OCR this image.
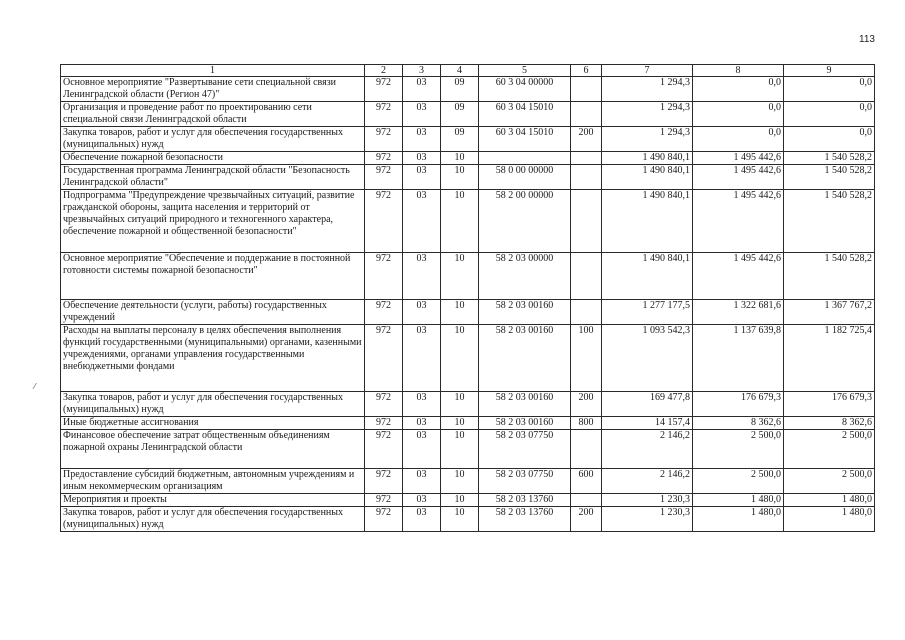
113
⁄
1	2	3	4	5	6	7	8	9
Основное мероприятие "Развертывание сети специальной связи Ленинградской области (Регион 47)"	972	03	09	60 3 04 00000		1 294,3	0,0	0,0
Организация и проведение работ по проектированию сети специальной связи Ленинградской области	972	03	09	60 3 04 15010		1 294,3	0,0	0,0
Закупка товаров, работ и услуг для обеспечения государственных (муниципальных) нужд	972	03	09	60 3 04 15010	200	1 294,3	0,0	0,0
Обеспечение пожарной безопасности	972	03	10			1 490 840,1	1 495 442,6	1 540 528,2
Государственная программа Ленинградской области "Безопасность Ленинградской области"	972	03	10	58 0 00 00000		1 490 840,1	1 495 442,6	1 540 528,2
Подпрограмма "Предупреждение чрезвычайных ситуаций, развитие гражданской обороны, защита населения и территорий от чрезвычайных ситуаций природного и техногенного характера, обеспечение пожарной и общественной безопасности"	972	03	10	58 2 00 00000		1 490 840,1	1 495 442,6	1 540 528,2
Основное мероприятие "Обеспечение и поддержание в постоянной готовности системы пожарной безопасности"	972	03	10	58 2 03 00000		1 490 840,1	1 495 442,6	1 540 528,2
Обеспечение деятельности (услуги, работы) государственных учреждений	972	03	10	58 2 03 00160		1 277 177,5	1 322 681,6	1 367 767,2
Расходы на выплаты персоналу в целях обеспечения выполнения функций государственными (муниципальными) органами, казенными учреждениями, органами управления государственными внебюджетными фондами	972	03	10	58 2 03 00160	100	1 093 542,3	1 137 639,8	1 182 725,4
Закупка товаров, работ и услуг для обеспечения государственных (муниципальных) нужд	972	03	10	58 2 03 00160	200	169 477,8	176 679,3	176 679,3
Иные бюджетные ассигнования	972	03	10	58 2 03 00160	800	14 157,4	8 362,6	8 362,6
Финансовое обеспечение затрат общественным объединениям пожарной охраны Ленинградской области	972	03	10	58 2 03 07750		2 146,2	2 500,0	2 500,0
Предоставление субсидий бюджетным, автономным учреждениям и иным некоммерческим организациям	972	03	10	58 2 03 07750	600	2 146,2	2 500,0	2 500,0
Мероприятия и проекты	972	03	10	58 2 03 13760		1 230,3	1 480,0	1 480,0
Закупка товаров, работ и услуг для обеспечения государственных (муниципальных) нужд	972	03	10	58 2 03 13760	200	1 230,3	1 480,0	1 480,0
